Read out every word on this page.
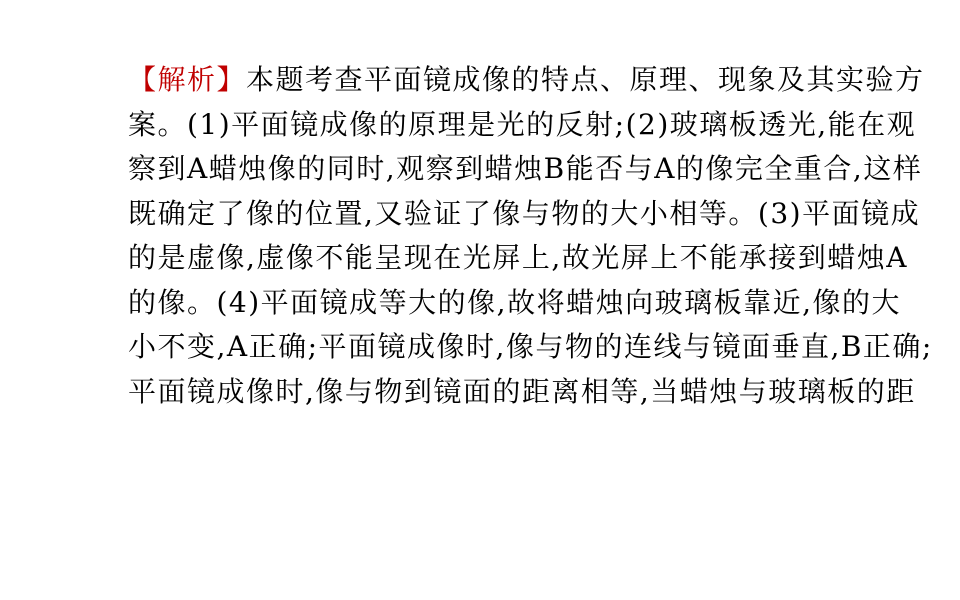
【解析】本题考查平面镜成像的特点、原理、现象及其实验方
案。(1)平面镜成像的原理是光的反射;(2)玻璃板透光,能在观
察到A蜡烛像的同时,观察到蜡烛B能否与A的像完全重合,这样
既确定了像的位置,又验证了像与物的大小相等。(3)平面镜成
的是虚像,虚像不能呈现在光屏上,故光屏上不能承接到蜡烛A
的像。(4)平面镜成等大的像,故将蜡烛向玻璃板靠近,像的大
小不变,A正确;平面镜成像时,像与物的连线与镜面垂直,B正确;
平面镜成像时,像与物到镜面的距离相等,当蜡烛与玻璃板的距
